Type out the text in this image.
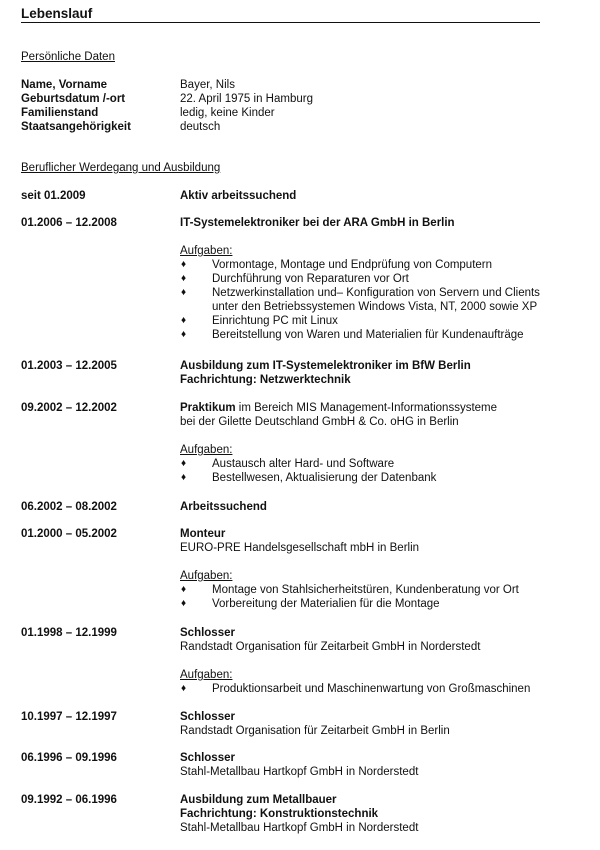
Lebenslauf
Persönliche Daten
Name, Vorname	Bayer, Nils
Geburtsdatum /-ort	22. April 1975 in Hamburg
Familienstand	ledig, keine Kinder
Staatsangehörigkeit	deutsch
Beruflicher Werdegang und Ausbildung
seit 01.2009	Aktiv arbeitssuchend
01.2006 – 12.2008	IT-Systemelektroniker bei der ARA GmbH in Berlin
Aufgaben:
♦ Vormontage, Montage und Endprüfung von Computern
♦ Durchführung von Reparaturen vor Ort
♦ Netzwerkinstallation und– Konfiguration von Servern und Clients unter den Betriebssystemen Windows Vista, NT, 2000 sowie XP
♦ Einrichtung PC mit Linux
♦ Bereitstellung von Waren und Materialien für Kundenaufträge
01.2003 – 12.2005	Ausbildung zum IT-Systemelektroniker im BfW Berlin
Fachrichtung: Netzwerktechnik
09.2002 – 12.2002	Praktikum im Bereich MIS Management-Informationssysteme
bei der Gilette Deutschland GmbH & Co. oHG in Berlin
Aufgaben:
♦ Austausch alter Hard- und Software
♦ Bestellwesen, Aktualisierung der Datenbank
06.2002 – 08.2002	Arbeitssuchend
01.2000 – 05.2002	Monteur
EURO-PRE Handelsgesellschaft mbH in Berlin
Aufgaben:
♦ Montage von Stahlsicherheitstüren, Kundenberatung vor Ort
♦ Vorbereitung der Materialien für die Montage
01.1998 – 12.1999	Schlosser
Randstadt Organisation für Zeitarbeit GmbH in Norderstedt
Aufgaben:
♦ Produktionsarbeit und Maschinenwartung von Großmaschinen
10.1997 – 12.1997	Schlosser
Randstadt Organisation für Zeitarbeit GmbH in Berlin
06.1996 – 09.1996	Schlosser
Stahl-Metallbau Hartkopf GmbH in Norderstedt
09.1992 – 06.1996	Ausbildung zum Metallbauer
Fachrichtung: Konstruktionstechnik
Stahl-Metallbau Hartkopf GmbH in Norderstedt
